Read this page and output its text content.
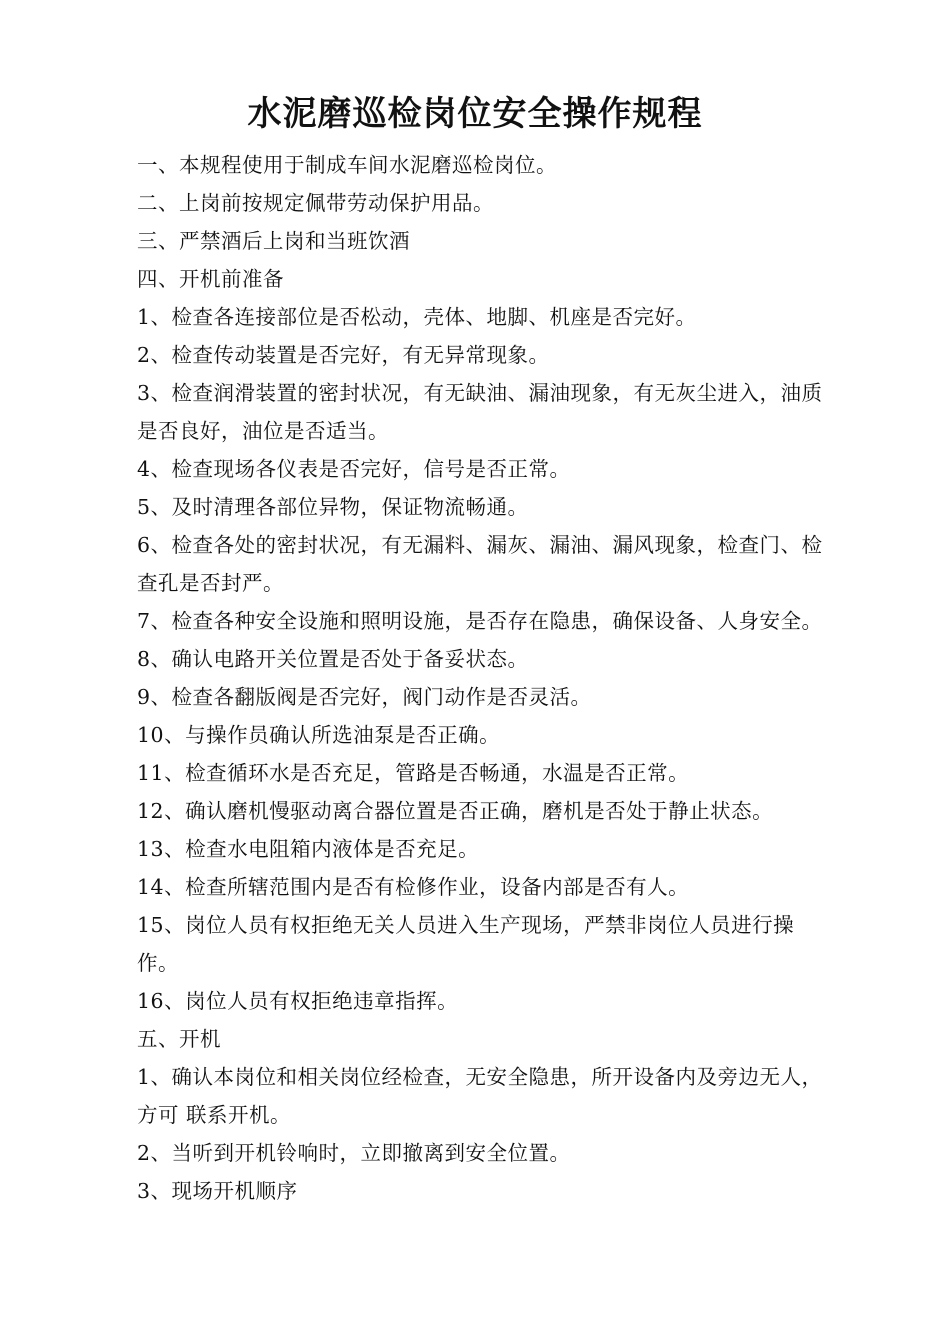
水泥磨巡检岗位安全操作规程
一、本规程使用于制成车间水泥磨巡检岗位。
二、上岗前按规定佩带劳动保护用品。
三、严禁酒后上岗和当班饮酒
四、开机前准备
1、检查各连接部位是否松动，壳体、地脚、机座是否完好。
2、检查传动装置是否完好，有无异常现象。
3、检查润滑装置的密封状况，有无缺油、漏油现象，有无灰尘进入，油质是否良好，油位是否适当。
4、检查现场各仪表是否完好，信号是否正常。
5、及时清理各部位异物，保证物流畅通。
6、检查各处的密封状况，有无漏料、漏灰、漏油、漏风现象，检查门、检查孔是否封严。
7、检查各种安全设施和照明设施，是否存在隐患，确保设备、人身安全。
8、确认电路开关位置是否处于备妥状态。
9、检查各翻版阀是否完好，阀门动作是否灵活。
10、与操作员确认所选油泵是否正确。
11、检查循环水是否充足，管路是否畅通，水温是否正常。
12、确认磨机慢驱动离合器位置是否正确，磨机是否处于静止状态。
13、检查水电阻箱内液体是否充足。
14、检查所辖范围内是否有检修作业，设备内部是否有人。
15、岗位人员有权拒绝无关人员进入生产现场，严禁非岗位人员进行操作。
16、岗位人员有权拒绝违章指挥。
五、开机
1、确认本岗位和相关岗位经检查，无安全隐患，所开设备内及旁边无人，方可 联系开机。
2、当听到开机铃响时，立即撤离到安全位置。
3、现场开机顺序
